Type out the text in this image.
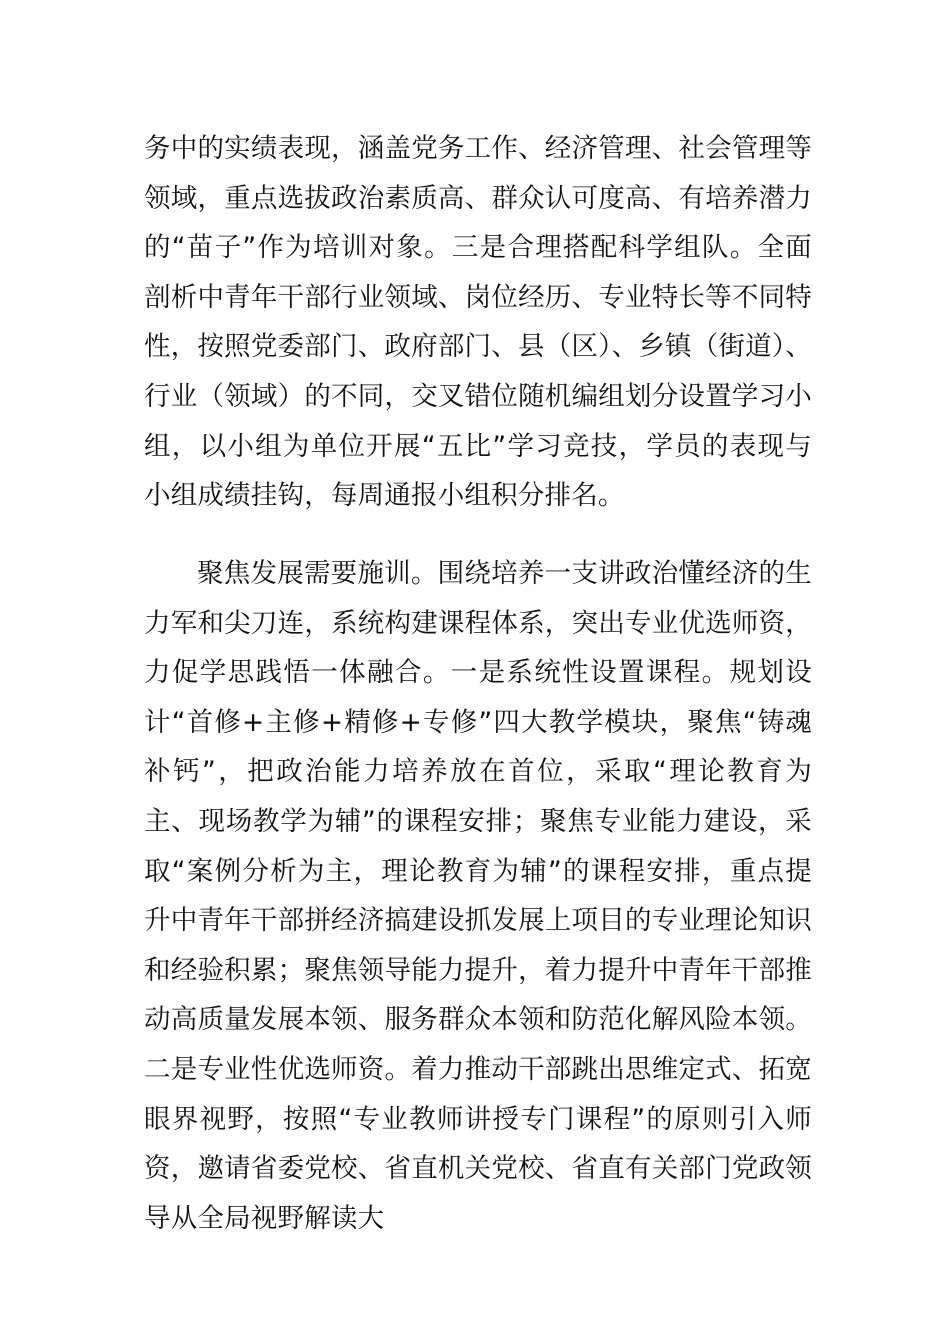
务中的实绩表现，涵盖党务工作、经济管理、社会管理等领域，重点选拔政治素质高、群众认可度高、有培养潜力的“苗子”作为培训对象。三是合理搭配科学组队。全面剖析中青年干部行业领域、岗位经历、专业特长等不同特性，按照党委部门、政府部门、县（区）、乡镇（街道）、行业（领域）的不同，交叉错位随机编组划分设置学习小组，以小组为单位开展“五比”学习竞技，学员的表现与小组成绩挂钩，每周通报小组积分排名。

聚焦发展需要施训。围绕培养一支讲政治懂经济的生力军和尖刀连，系统构建课程体系，突出专业优选师资，力促学思践悟一体融合。一是系统性设置课程。规划设计“首修+主修+精修+专修”四大教学模块，聚焦“铸魂补钙”，把政治能力培养放在首位，采取“理论教育为主、现场教学为辅”的课程安排；聚焦专业能力建设，采取“案例分析为主，理论教育为辅”的课程安排，重点提升中青年干部拼经济搞建设抓发展上项目的专业理论知识和经验积累；聚焦领导能力提升，着力提升中青年干部推动高质量发展本领、服务群众本领和防范化解风险本领。二是专业性优选师资。着力推动干部跳出思维定式、拓宽眼界视野，按照“专业教师讲授专门课程”的原则引入师资，邀请省委党校、省直机关党校、省直有关部门党政领导从全局视野解读大
